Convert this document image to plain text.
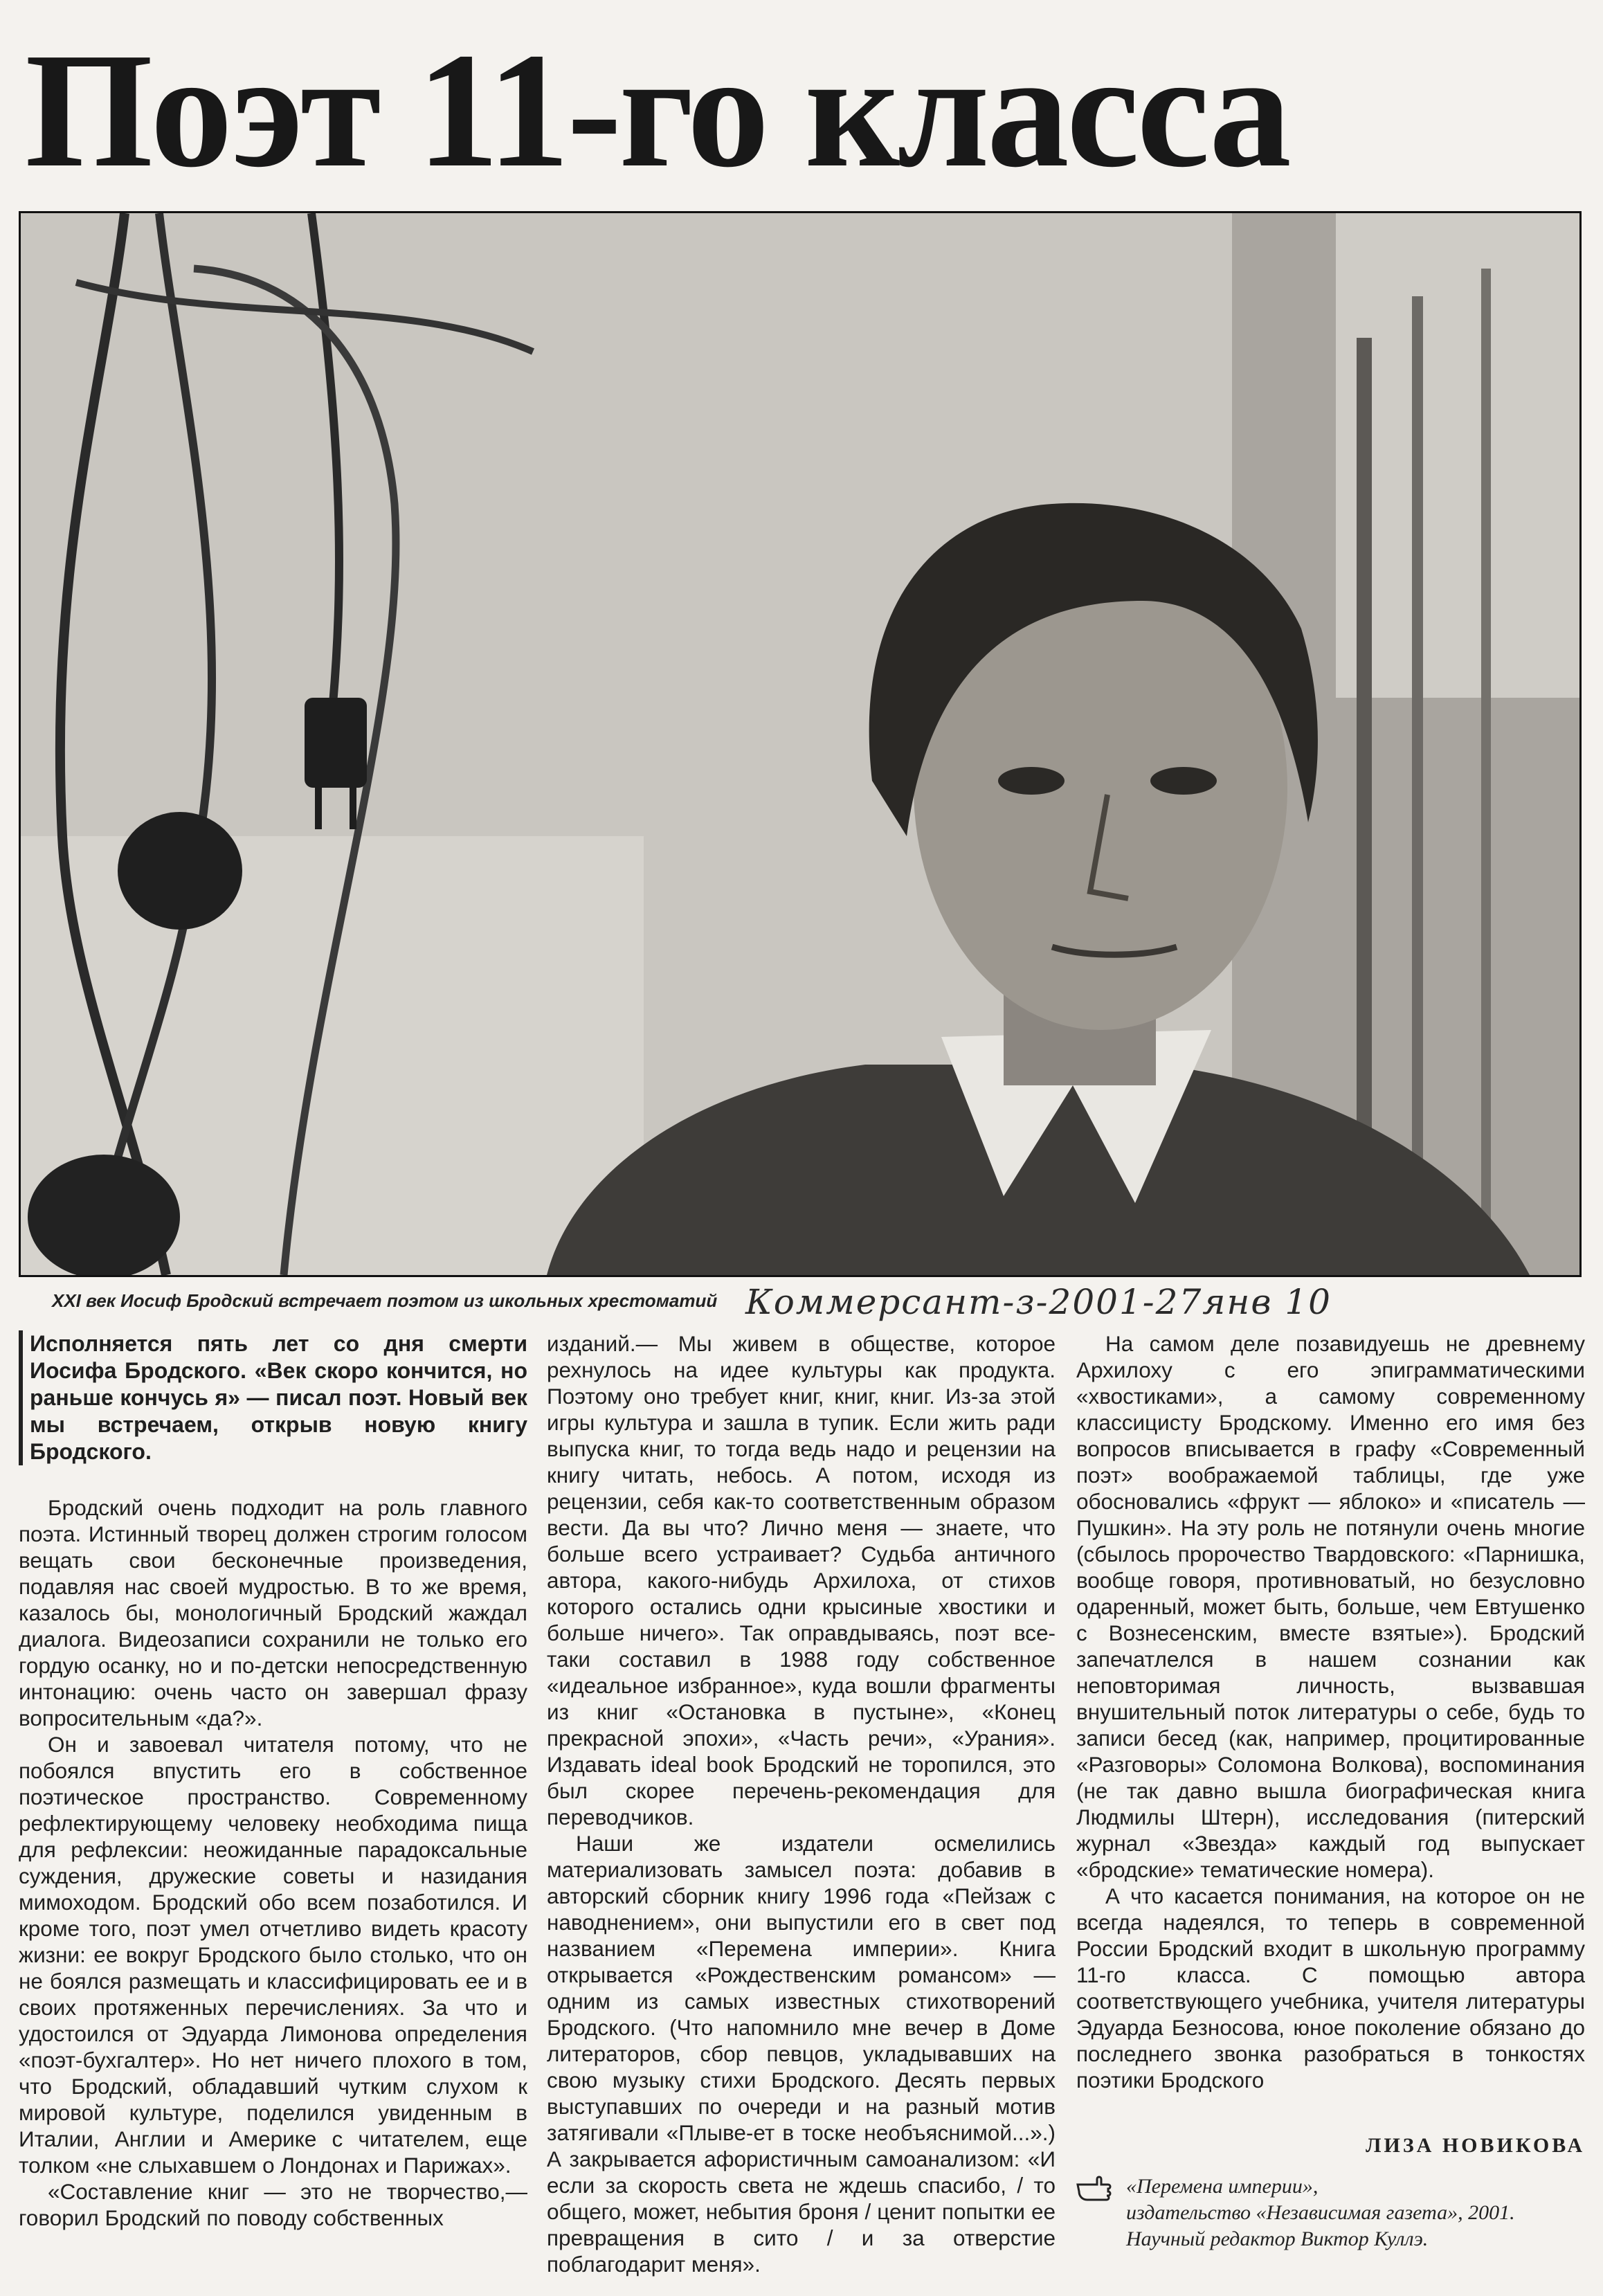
Поэт 11-го класса
XXI век Иосиф Бродский встречает поэтом из школьных хрестоматий Коммерсант-з-2001-27янв 10
Исполняется пять лет со дня смерти Иосифа Бродского. «Век скоро кончится, но раньше кончусь я» — писал поэт. Новый век мы встречаем, открыв новую книгу Бродского.

Бродский очень подходит на роль главного поэта. Истинный творец должен строгим голосом вещать свои бесконечные произведения, подавляя нас своей мудростью. В то же время, казалось бы, монологичный Бродский жаждал диалога. Видеозаписи сохранили не только его гордую осанку, но и по-детски непосредственную интонацию: очень часто он завершал фразу вопросительным «да?».

Он и завоевал читателя потому, что не побоялся впустить его в собственное поэтическое пространство. Современному рефлектирующему человеку необходима пища для рефлексии: неожиданные парадоксальные суждения, дружеские советы и назидания мимоходом. Бродский обо всем позаботился. И кроме того, поэт умел отчетливо видеть красоту жизни: ее вокруг Бродского было столько, что он не боялся размещать и классифицировать ее и в своих протяженных перечислениях. За что и удостоился от Эдуарда Лимонова определения «поэт-бухгалтер». Но нет ничего плохого в том, что Бродский, обладавший чутким слухом к мировой культуре, поделился увиденным в Италии, Англии и Америке с читателем, еще толком «не слыхавшем о Лондонах и Парижах».

«Составление книг — это не творчество,— говорил Бродский по поводу собственных

изданий.— Мы живем в обществе, которое рехнулось на идее культуры как продукта. Поэтому оно требует книг, книг, книг. Из-за этой игры культура и зашла в тупик. Если жить ради выпуска книг, то тогда ведь надо и рецензии на книгу читать, небось. А потом, исходя из рецензии, себя как-то соответственным образом вести. Да вы что? Лично меня — знаете, что больше всего устраивает? Судьба античного автора, какого-нибудь Архилоха, от стихов которого остались одни крысиные хвостики и больше ничего». Так оправдываясь, поэт все-таки составил в 1988 году собственное «идеальное избранное», куда вошли фрагменты из книг «Остановка в пустыне», «Конец прекрасной эпохи», «Часть речи», «Урания». Издавать ideal book Бродский не торопился, это был скорее перечень-рекомендация для переводчиков.

Наши же издатели осмелились материализовать замысел поэта: добавив в авторский сборник книгу 1996 года «Пейзаж с наводнением», они выпустили его в свет под названием «Перемена империи». Книга открывается «Рождественским романсом» — одним из самых известных стихотворений Бродского. (Что напомнило мне вечер в Доме литераторов, сбор певцов, укладывавших на свою музыку стихи Бродского. Десять первых выступавших по очереди и на разный мотив затягивали «Плыве-ет в тоске необъяснимой...».) А закрывается афористичным самоанализом: «И если за скорость света не ждешь спасибо, / то общего, может, небытия броня / ценит попытки ее превращения в сито / и за отверстие поблагодарит меня».

На самом деле позавидуешь не древнему Архилоху с его эпиграмматическими «хвостиками», а самому современному классицисту Бродскому. Именно его имя без вопросов вписывается в графу «Современный поэт» воображаемой таблицы, где уже обосновались «фрукт — яблоко» и «писатель — Пушкин». На эту роль не потянули очень многие (сбылось пророчество Твардовского: «Парнишка, вообще говоря, противноватый, но безусловно одаренный, может быть, больше, чем Евтушенко с Вознесенским, вместе взятые»). Бродский запечатлелся в нашем сознании как неповторимая личность, вызвавшая внушительный поток литературы о себе, будь то записи бесед (как, например, процитированные «Разговоры» Соломона Волкова), воспоминания (не так давно вышла биографическая книга Людмилы Штерн), исследования (питерский журнал «Звезда» каждый год выпускает «бродские» тематические номера).

А что касается понимания, на которое он не всегда надеялся, то теперь в современной России Бродский входит в школьную программу 11-го класса. С помощью автора соответствующего учебника, учителя литературы Эдуарда Безносова, юное поколение обязано до последнего звонка разобраться в тонкостях поэтики Бродского

ЛИЗА НОВИКОВА
«Перемена империи»,
издательство «Независимая газета», 2001.
Научный редактор Виктор Куллэ.
